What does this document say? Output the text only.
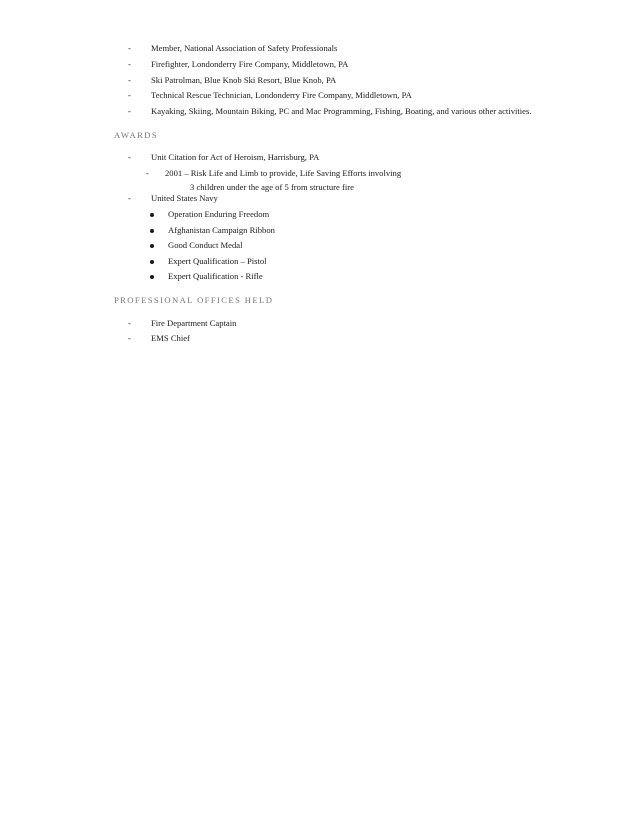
- Member, National Association of Safety Professionals
- Firefighter, Londonderry Fire Company, Middletown, PA
- Ski Patrolman, Blue Knob Ski Resort, Blue Knob, PA
- Technical Rescue Technician, Londonderry Fire Company, Middletown, PA
- Kayaking, Skiing, Mountain Biking, PC and Mac Programming, Fishing, Boating, and various other activities.
AWARDS
- Unit Citation for Act of Heroism, Harrisburg, PA
- 2001 – Risk Life and Limb to provide, Life Saving Efforts involving
3 children under the age of 5 from structure fire
- United States Navy
Operation Enduring Freedom
Afghanistan Campaign Ribbon
Good Conduct Medal
Expert Qualification – Pistol
Expert Qualification - Rifle
PROFESSIONAL OFFICES HELD
- Fire Department Captain
- EMS Chief
